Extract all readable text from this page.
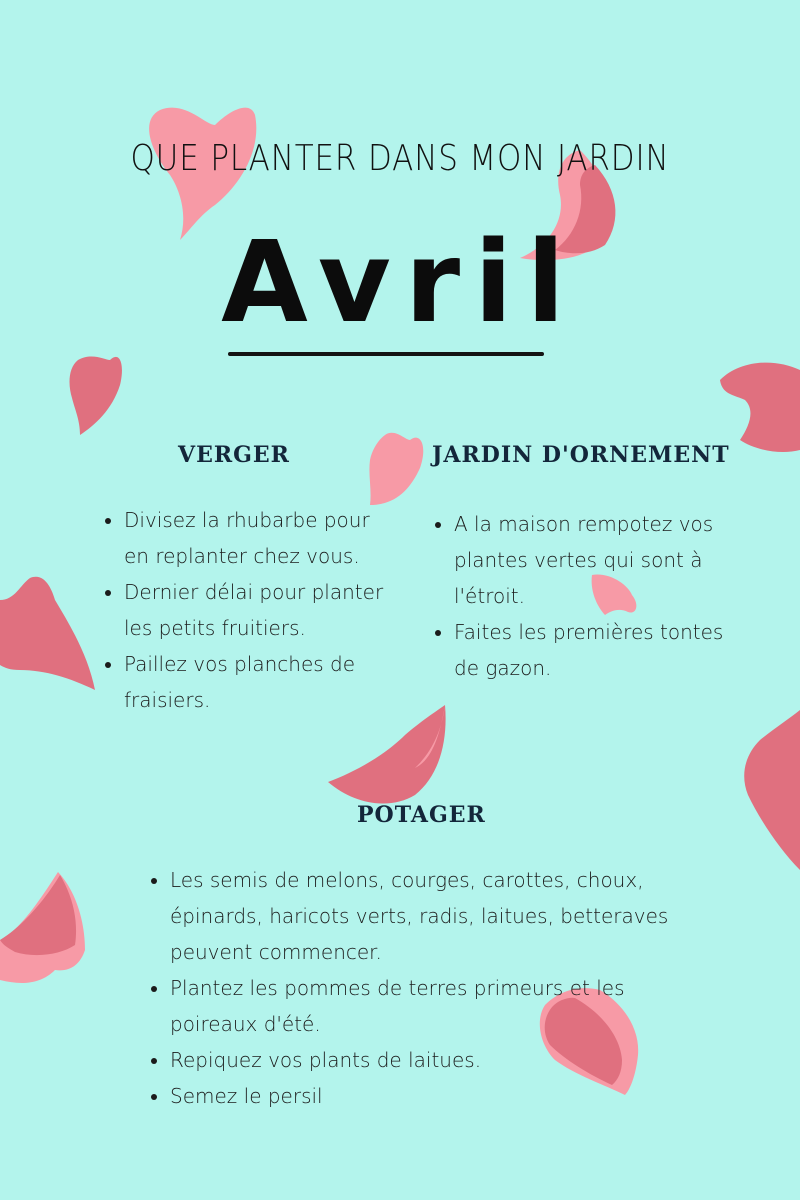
QUE PLANTER DANS MON JARDIN
Avril
VERGER
• Divisez la rhubarbe pour en replanter chez vous.
• Dernier délai pour planter les petits fruitiers.
• Paillez vos planches de fraisiers.
JARDIN D'ORNEMENT
• A la maison rempotez vos plantes vertes qui sont à l'étroit.
• Faites les premières tontes de gazon.
POTAGER
• Les semis de melons, courges, carottes, choux, épinards, haricots verts, radis, laitues, betteraves peuvent commencer.
• Plantez les pommes de terres primeurs et les poireaux d'été.
• Repiquez vos plants de laitues.
• Semez le persil
